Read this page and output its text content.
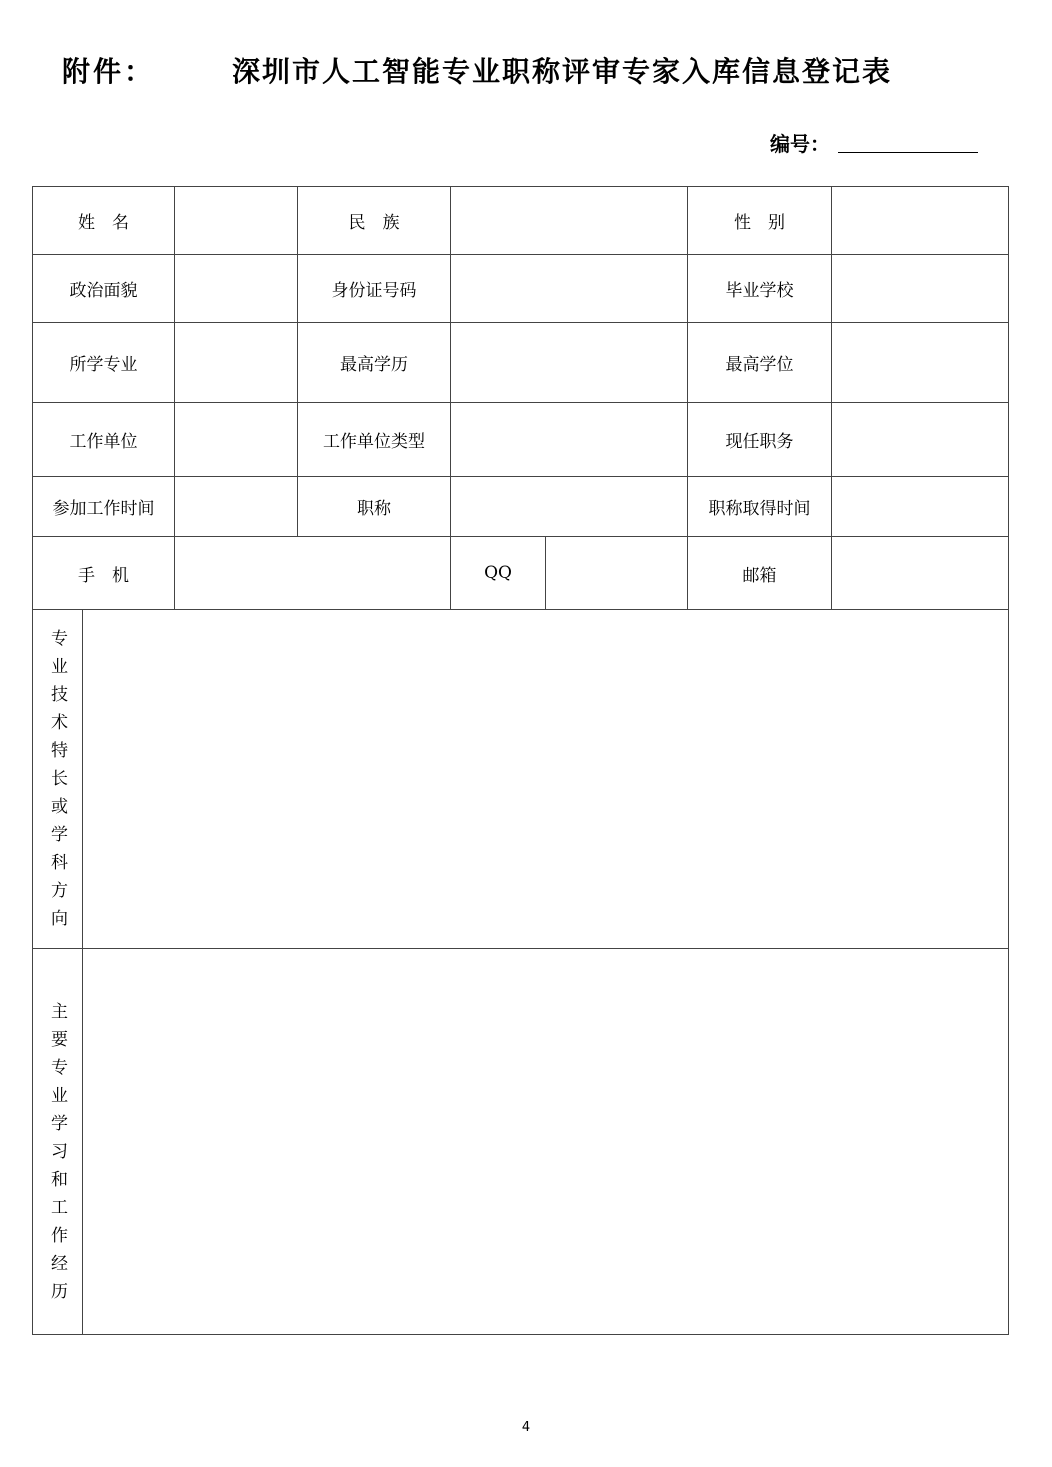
附件：	深圳市人工智能专业职称评审专家入库信息登记表
编号：
姓　名			民　族			性　别	
政治面貌			身份证号码			毕业学校	
所学专业			最高学历			最高学位	
工作单位			工作单位类型			现任职务	
参加工作时间			职称			职称取得时间	
手　机				QQ		邮箱	
专业技术特长或学科方向							
主要专业学习和工作经历							
4
